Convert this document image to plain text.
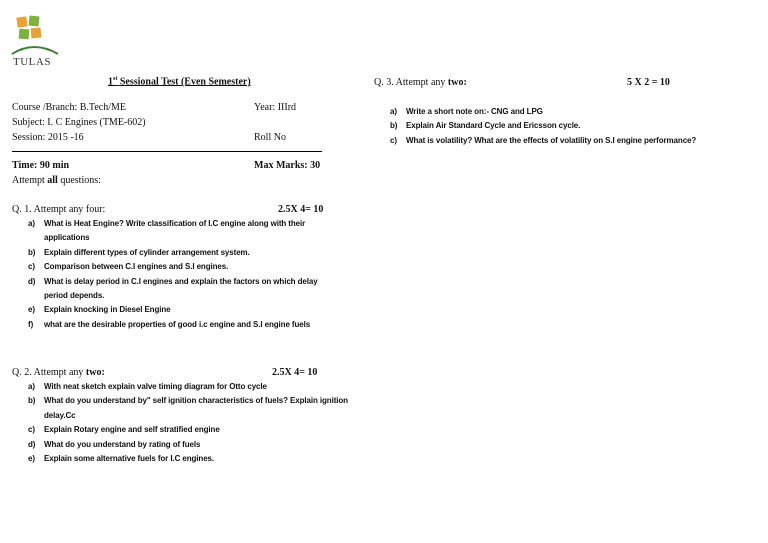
TULAS
1st Sessional Test (Even Semester)
Course /Branch: B.Tech/ME	Year: IIIrd
Subject: I. C Engines (TME-602)
Session: 2015 -16	Roll No
Time: 90 min	Max Marks: 30
Attempt all questions:
Q. 1. Attempt any four:	2.5X 4= 10
a) What is Heat Engine? Write classification of I.C engine along with their applications
b) Explain different types of cylinder arrangement system.
c) Comparison between C.I engines and S.I engines.
d) What is delay period in C.I engines and explain the factors on which delay period depends.
e) Explain knocking in Diesel Engine
f) what are the desirable properties of good i.c engine and S.I engine fuels
Q. 2. Attempt any two:	2.5X 4= 10
a) With neat sketch explain valve timing diagram for Otto cycle
b) What do you understand by" self ignition characteristics of fuels? Explain ignition delay.Cc
c) Explain Rotary engine and self stratified engine
d) What do you understand by rating of fuels
e) Explain some alternative fuels for I.C engines.
Q. 3. Attempt any two:	5 X 2 = 10
a) Write a short note on:- CNG and LPG
b) Explain Air Standard Cycle and Ericsson cycle.
c) What is volatility? What are the effects of volatility on S.I engine performance?
